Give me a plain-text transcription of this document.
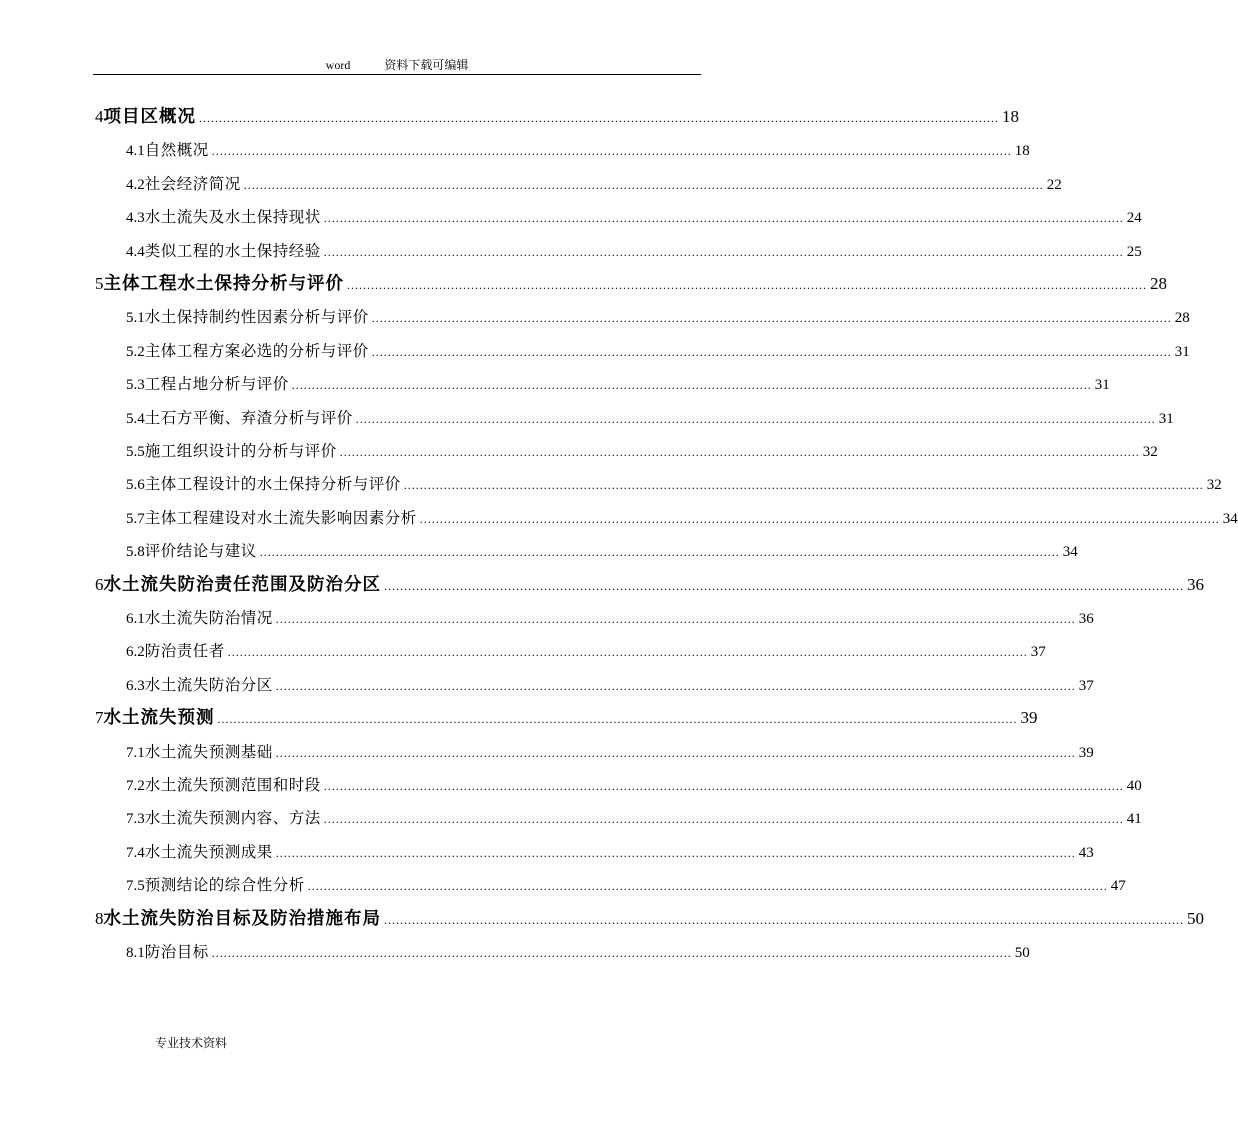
word	资料下载可编辑
4 项目区概况 ........................................................................................................................................................................................................ 18
4.1 自然概况 ........................................................................................................................................................................................................ 18
4.2 社会经济简况 ........................................................................................................................................................................................................ 22
4.3 水土流失及水土保持现状 ........................................................................................................................................................................................................ 24
4.4 类似工程的水土保持经验 ........................................................................................................................................................................................................ 25
5 主体工程水土保持分析与评价 ........................................................................................................................................................................................................ 28
5.1 水土保持制约性因素分析与评价 ........................................................................................................................................................................................................ 28
5.2 主体工程方案必选的分析与评价 ........................................................................................................................................................................................................ 31
5.3 工程占地分析与评价 ........................................................................................................................................................................................................ 31
5.4 土石方平衡、弃渣分析与评价 ........................................................................................................................................................................................................ 31
5.5 施工组织设计的分析与评价 ........................................................................................................................................................................................................ 32
5.6 主体工程设计的水土保持分析与评价 ........................................................................................................................................................................................................ 32
5.7 主体工程建设对水土流失影响因素分析 ........................................................................................................................................................................................................ 34
5.8 评价结论与建议 ........................................................................................................................................................................................................ 34
6 水土流失防治责任范围及防治分区 ........................................................................................................................................................................................................ 36
6.1 水土流失防治情况 ........................................................................................................................................................................................................ 36
6.2 防治责任者 ........................................................................................................................................................................................................ 37
6.3 水土流失防治分区 ........................................................................................................................................................................................................ 37
7 水土流失预测 ........................................................................................................................................................................................................ 39
7.1 水土流失预测基础 ........................................................................................................................................................................................................ 39
7.2 水土流失预测范围和时段 ........................................................................................................................................................................................................ 40
7.3 水土流失预测内容、方法 ........................................................................................................................................................................................................ 41
7.4 水土流失预测成果 ........................................................................................................................................................................................................ 43
7.5 预测结论的综合性分析 ........................................................................................................................................................................................................ 47
8 水土流失防治目标及防治措施布局 ........................................................................................................................................................................................................ 50
8.1 防治目标 ........................................................................................................................................................................................................ 50
专业技术资料
